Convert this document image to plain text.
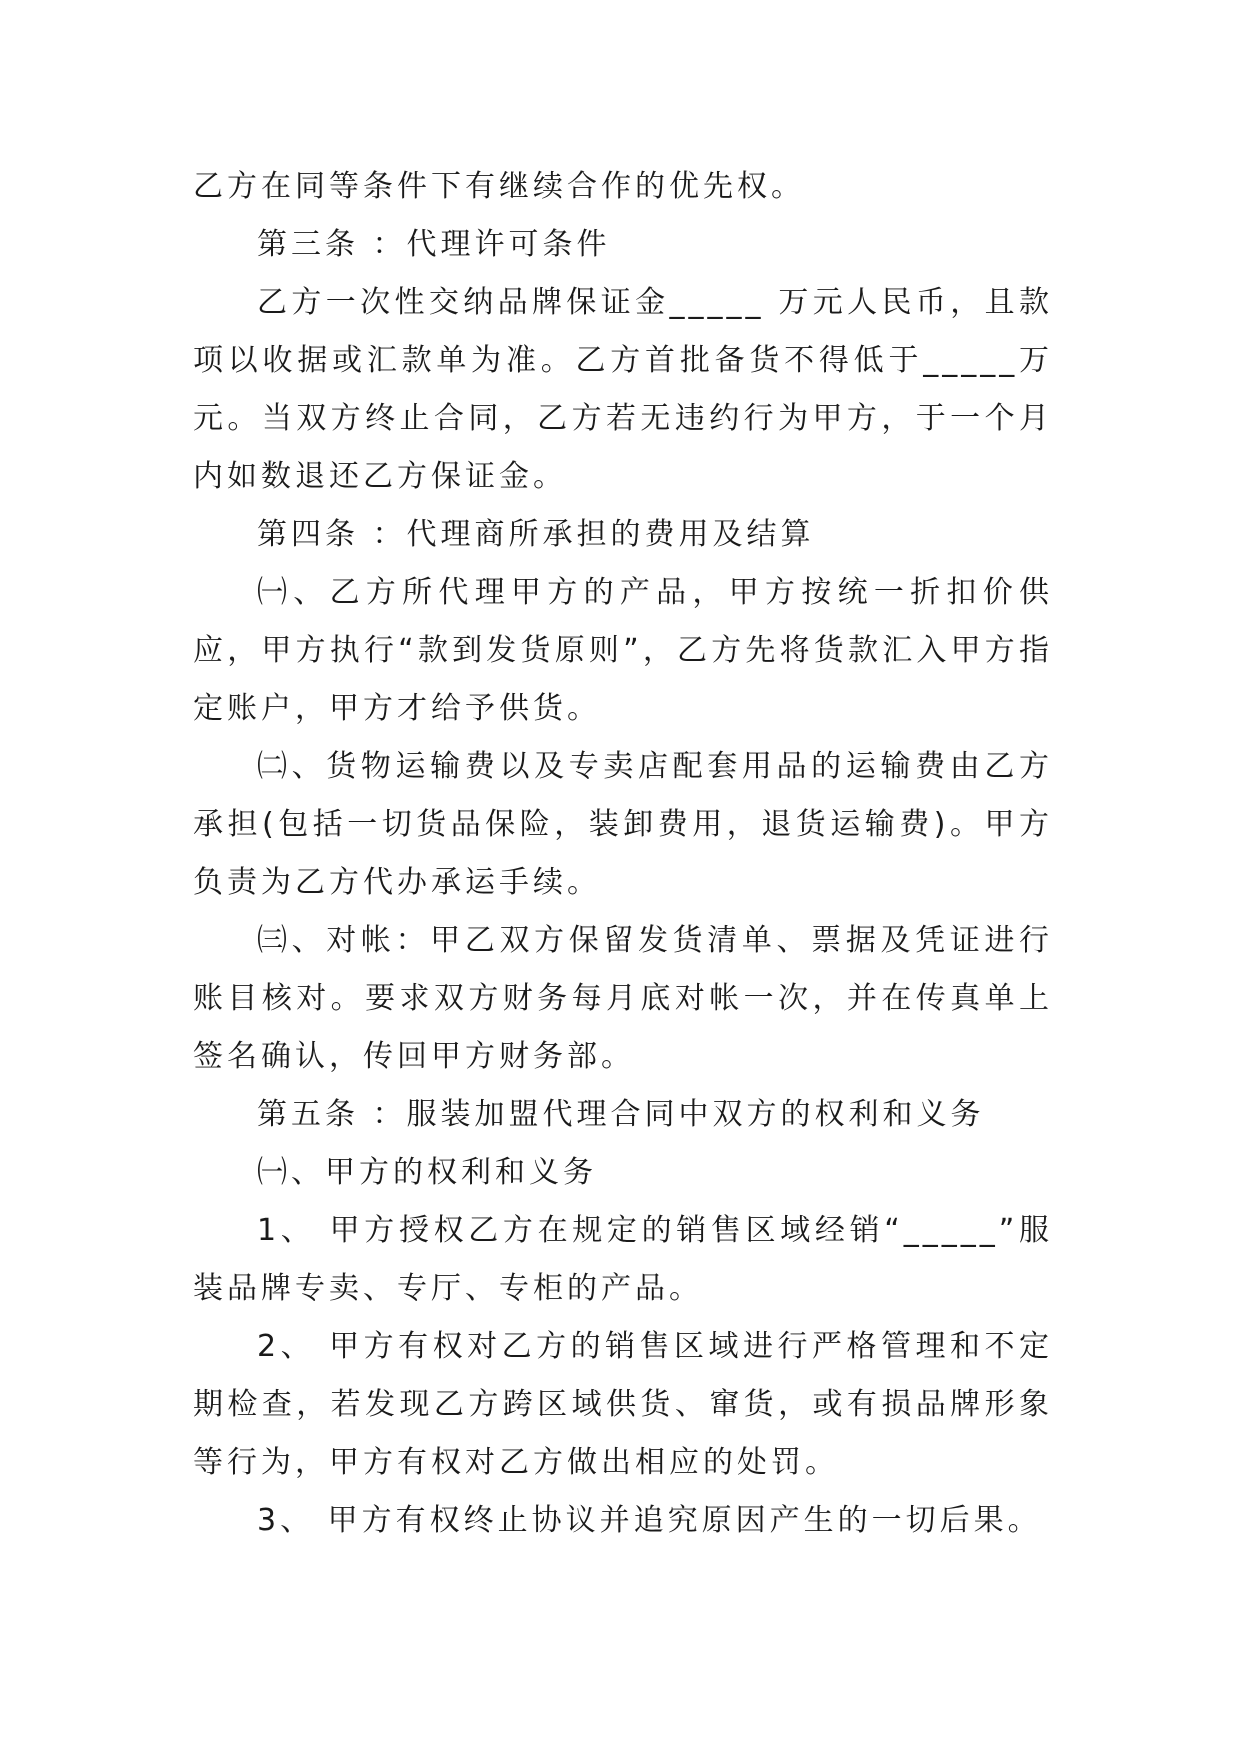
乙方在同等条件下有继续合作的优先权。

第三条 ：代理许可条件

乙方一次性交纳品牌保证金_____ 万元人民币，且款项以收据或汇款单为准。乙方首批备货不得低于_____万元。当双方终止合同，乙方若无违约行为甲方，于一个月内如数退还乙方保证金。

第四条 ：代理商所承担的费用及结算

㈠、乙方所代理甲方的产品，甲方按统一折扣价供应，甲方执行“款到发货原则”，乙方先将货款汇入甲方指定账户，甲方才给予供货。

㈡、货物运输费以及专卖店配套用品的运输费由乙方承担(包括一切货品保险，装卸费用，退货运输费)。甲方负责为乙方代办承运手续。

㈢、对帐：甲乙双方保留发货清单、票据及凭证进行账目核对。要求双方财务每月底对帐一次，并在传真单上签名确认，传回甲方财务部。

第五条 ：服装加盟代理合同中双方的权利和义务

㈠、甲方的权利和义务

1、 甲方授权乙方在规定的销售区域经销“_____”服装品牌专卖、专厅、专柜的产品。

2、 甲方有权对乙方的销售区域进行严格管理和不定期检查，若发现乙方跨区域供货、窜货，或有损品牌形象等行为，甲方有权对乙方做出相应的处罚。

3、 甲方有权终止协议并追究原因产生的一切后果。
